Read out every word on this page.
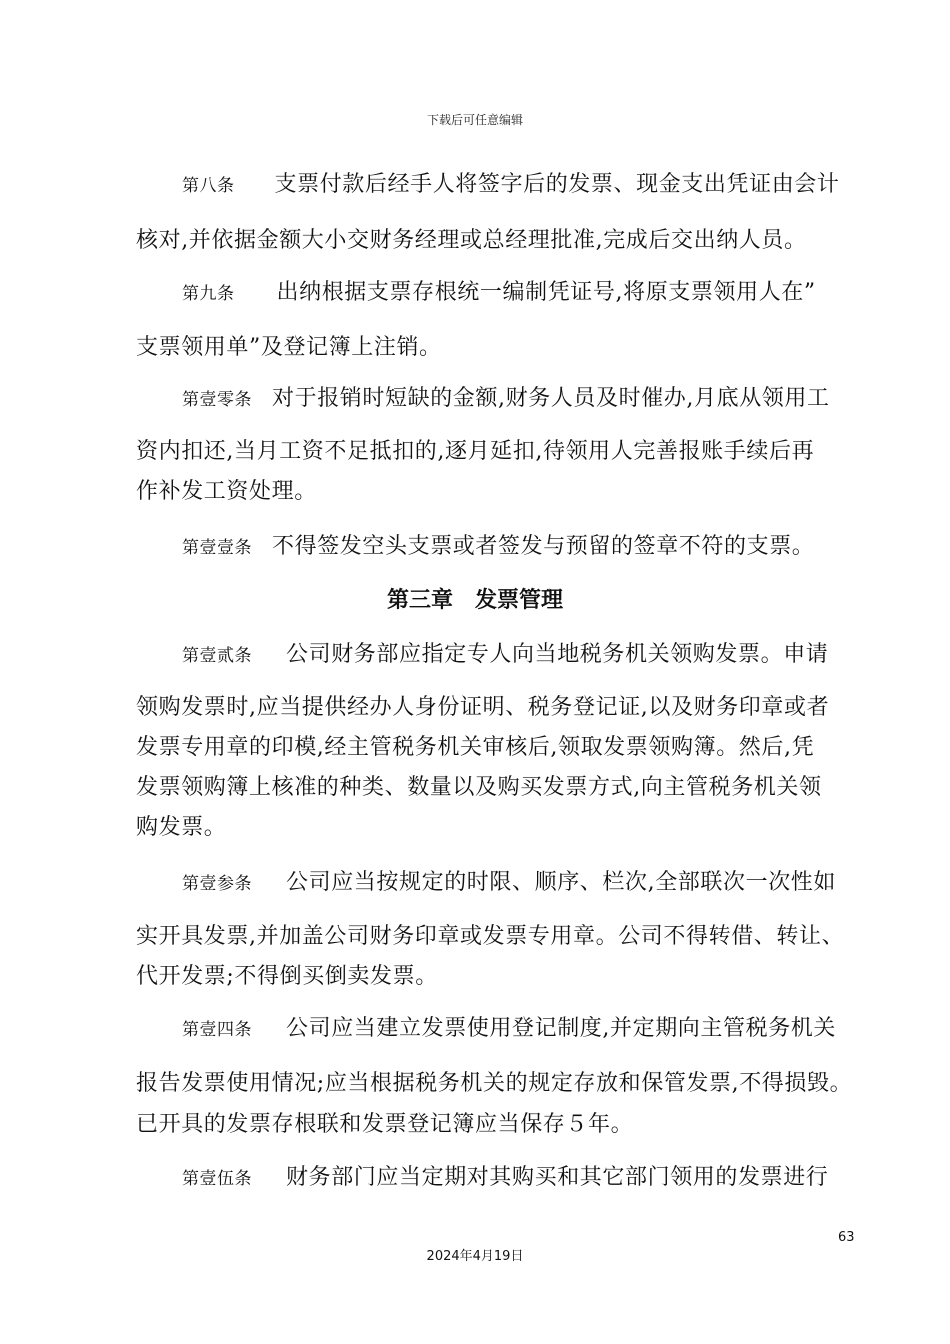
下载后可任意编辑
第八条 支票付款后经手人将签字后的发票、现金支出凭证由会计
核对,并依据金额大小交财务经理或总经理批准,完成后交出纳人员。
第九条 出纳根据支票存根统一编制凭证号,将原支票领用人在”
支票领用单”及登记簿上注销。
第壹零条 对于报销时短缺的金额,财务人员及时催办,月底从领用工
资内扣还,当月工资不足抵扣的,逐月延扣,待领用人完善报账手续后再
作补发工资处理。
第壹壹条 不得签发空头支票或者签发与预留的签章不符的支票。
第三章 发票管理
第壹贰条 公司财务部应指定专人向当地税务机关领购发票。申请
领购发票时,应当提供经办人身份证明、税务登记证,以及财务印章或者
发票专用章的印模,经主管税务机关审核后,领取发票领购簿。然后,凭
发票领购簿上核准的种类、数量以及购买发票方式,向主管税务机关领
购发票。
第壹参条 公司应当按规定的时限、顺序、栏次,全部联次一次性如
实开具发票,并加盖公司财务印章或发票专用章。公司不得转借、转让、
代开发票;不得倒买倒卖发票。
第壹四条 公司应当建立发票使用登记制度,并定期向主管税务机关
报告发票使用情况;应当根据税务机关的规定存放和保管发票,不得损毁。
已开具的发票存根联和发票登记簿应当保存５年。
第壹伍条 财务部门应当定期对其购买和其它部门领用的发票进行
63
2024年4月19日
